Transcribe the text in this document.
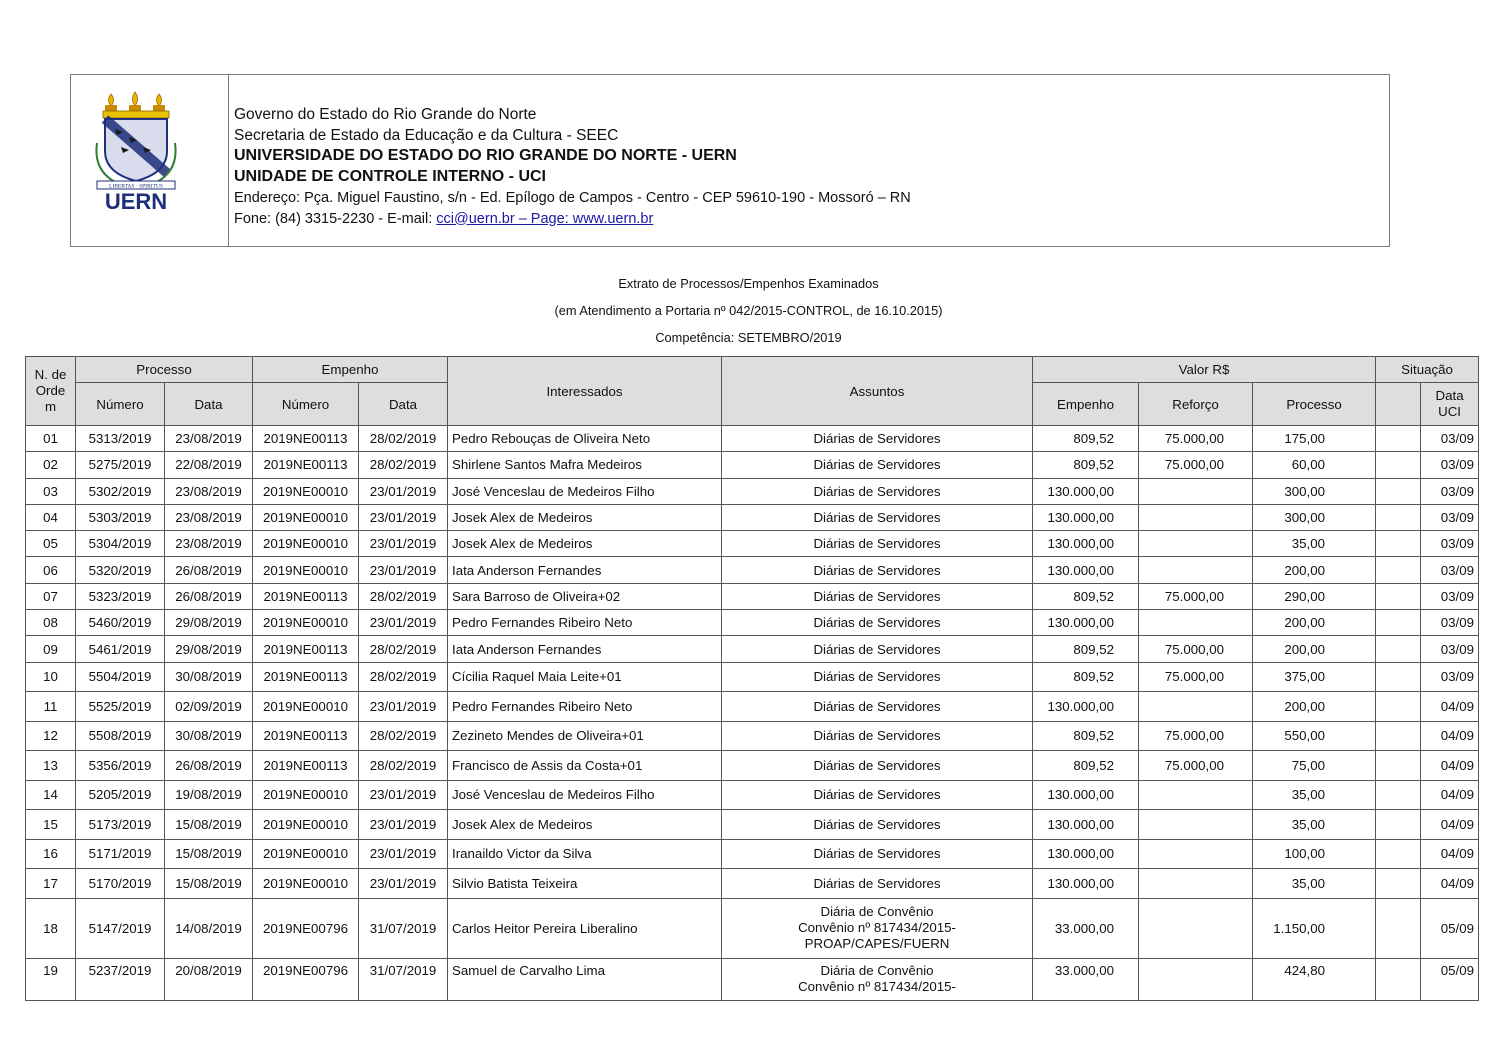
LIBERTAS · SPIRITUS
UERN
Governo do Estado do Rio Grande do Norte
Secretaria de Estado da Educação e da Cultura - SEEC
UNIVERSIDADE DO ESTADO DO RIO GRANDE DO NORTE - UERN
UNIDADE DE CONTROLE INTERNO - UCI
Endereço: Pça. Miguel Faustino, s/n - Ed. Epílogo de Campos - Centro - CEP 59610-190 - Mossoró – RN
Fone: (84) 3315-2230 - E-mail: cci@uern.br – Page: www.uern.br
Extrato de Processos/Empenhos Examinados
(em Atendimento a Portaria nº 042/2015-CONTROL, de 16.10.2015)
Competência: SETEMBRO/2019
N. de Orde m	Processo		Empenho		Interessados	Assuntos	Valor R$			Situação	
	Número	Data	Número	Data			Empenho	Reforço	Processo		Data UCI
01	5313/2019	23/08/2019	2019NE00113	28/02/2019	Pedro Rebouças de Oliveira Neto	Diárias de Servidores	809,52	75.000,00	175,00		03/09
02	5275/2019	22/08/2019	2019NE00113	28/02/2019	Shirlene Santos Mafra Medeiros	Diárias de Servidores	809,52	75.000,00	60,00		03/09
03	5302/2019	23/08/2019	2019NE00010	23/01/2019	José Venceslau de Medeiros Filho	Diárias de Servidores	130.000,00		300,00		03/09
04	5303/2019	23/08/2019	2019NE00010	23/01/2019	Josek Alex de Medeiros	Diárias de Servidores	130.000,00		300,00		03/09
05	5304/2019	23/08/2019	2019NE00010	23/01/2019	Josek Alex de Medeiros	Diárias de Servidores	130.000,00		35,00		03/09
06	5320/2019	26/08/2019	2019NE00010	23/01/2019	Iata Anderson Fernandes	Diárias de Servidores	130.000,00		200,00		03/09
07	5323/2019	26/08/2019	2019NE00113	28/02/2019	Sara Barroso de Oliveira+02	Diárias de Servidores	809,52	75.000,00	290,00		03/09
08	5460/2019	29/08/2019	2019NE00010	23/01/2019	Pedro Fernandes Ribeiro Neto	Diárias de Servidores	130.000,00		200,00		03/09
09	5461/2019	29/08/2019	2019NE00113	28/02/2019	Iata Anderson Fernandes	Diárias de Servidores	809,52	75.000,00	200,00		03/09
10	5504/2019	30/08/2019	2019NE00113	28/02/2019	Cícilia Raquel Maia Leite+01	Diárias de Servidores	809,52	75.000,00	375,00		03/09
11	5525/2019	02/09/2019	2019NE00010	23/01/2019	Pedro Fernandes Ribeiro Neto	Diárias de Servidores	130.000,00		200,00		04/09
12	5508/2019	30/08/2019	2019NE00113	28/02/2019	Zezineto Mendes de Oliveira+01	Diárias de Servidores	809,52	75.000,00	550,00		04/09
13	5356/2019	26/08/2019	2019NE00113	28/02/2019	Francisco de Assis da Costa+01	Diárias de Servidores	809,52	75.000,00	75,00		04/09
14	5205/2019	19/08/2019	2019NE00010	23/01/2019	José Venceslau de Medeiros Filho	Diárias de Servidores	130.000,00		35,00		04/09
15	5173/2019	15/08/2019	2019NE00010	23/01/2019	Josek Alex de Medeiros	Diárias de Servidores	130.000,00		35,00		04/09
16	5171/2019	15/08/2019	2019NE00010	23/01/2019	Iranaildo Victor da Silva	Diárias de Servidores	130.000,00		100,00		04/09
17	5170/2019	15/08/2019	2019NE00010	23/01/2019	Silvio Batista Teixeira	Diárias de Servidores	130.000,00		35,00		04/09
18	5147/2019	14/08/2019	2019NE00796	31/07/2019	Carlos Heitor Pereira Liberalino	Diária de Convênio
Convênio nº 817434/2015-
PROAP/CAPES/FUERN	33.000,00		1.150,00		05/09
19	5237/2019	20/08/2019	2019NE00796	31/07/2019	Samuel de Carvalho Lima	Diária de Convênio
Convênio nº 817434/2015-	33.000,00		424,80		05/09
